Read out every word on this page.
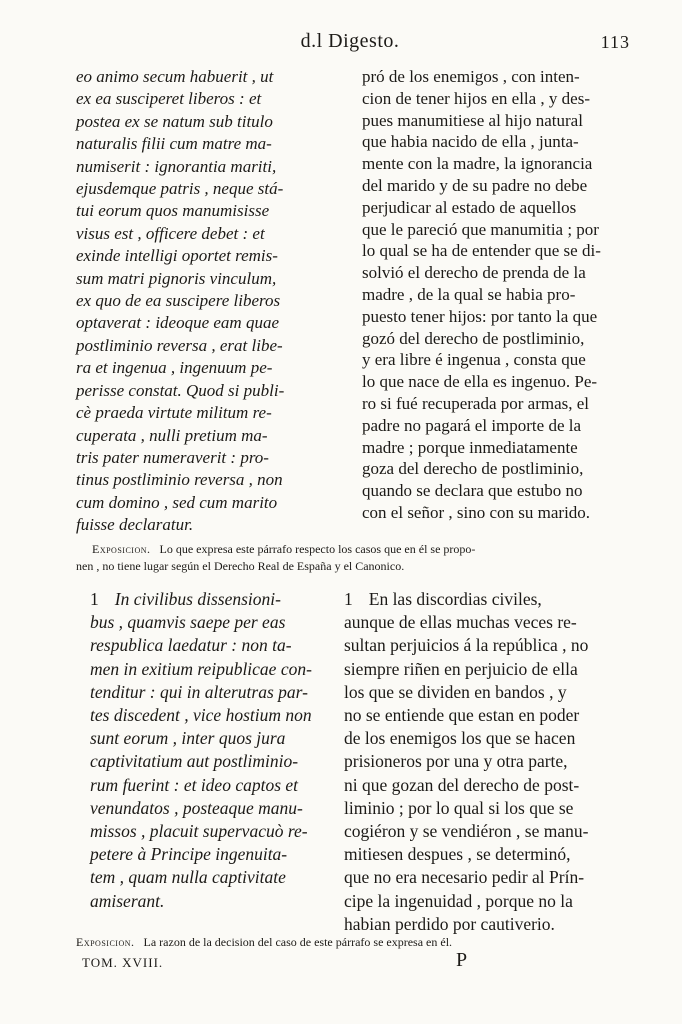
d.l Digesto.	113
eo animo secum habuerit , ut
ex ea susciperet liberos : et
postea ex se natum sub titulo
naturalis filii cum matre ma-
numiserit : ignorantia mariti,
ejusdemque patris , neque stá-
tui eorum quos manumisisse
visus est , officere debet : et
exinde intelligi oportet remis-
sum matri pignoris vinculum,
ex quo de ea suscipere liberos
optaverat : ideoque eam quae
postliminio reversa , erat libe-
ra et ingenua , ingenuum pe-
perisse constat. Quod si publi-
cè praeda virtute militum re-
cuperata , nulli pretium ma-
tris pater numeraverit : pro-
tinus postliminio reversa , non
cum domino , sed cum marito
fuisse declaratur.
pró de los enemigos , con inten-
cion de tener hijos en ella , y des-
pues manumitiese al hijo natural
que habia nacido de ella , junta-
mente con la madre, la ignorancia
del marido y de su padre no debe
perjudicar al estado de aquellos
que le pareció que manumitia ; por
lo qual se ha de entender que se di-
solvió el derecho de prenda de la
madre , de la qual se habia pro-
puesto tener hijos: por tanto la que
gozó del derecho de postliminio,
y era libre é ingenua , consta que
lo que nace de ella es ingenuo. Pe-
ro si fué recuperada por armas, el
padre no pagará el importe de la
madre ; porque inmediatamente
goza del derecho de postliminio,
quando se declara que estubo no
con el señor , sino con su marido.
Exposicion. Lo que expresa este párrafo respecto los casos que en él se propo-
nen , no tiene lugar según el Derecho Real de España y el Canonico.
1 In civilibus dissensioni-
bus , quamvis saepe per eas
respublica laedatur : non ta-
men in exitium reipublicae con-
tenditur : qui in alterutras par-
tes discedent , vice hostium non
sunt eorum , inter quos jura
captivitatium aut postliminio-
rum fuerint : et ideo captos et
venundatos , posteaque manu-
missos , placuit supervacuò re-
petere à Principe ingenuita-
tem , quam nulla captivitate
amiserant.
1 En las discordias civiles,
aunque de ellas muchas veces re-
sultan perjuicios á la república , no
siempre riñen en perjuicio de ella
los que se dividen en bandos , y
no se entiende que estan en poder
de los enemigos los que se hacen
prisioneros por una y otra parte,
ni que gozan del derecho de post-
liminio ; por lo qual si los que se
cogiéron y se vendiéron , se manu-
mitiesen despues , se determinó,
que no era necesario pedir al Prín-
cipe la ingenuidad , porque no la
habian perdido por cautiverio.
Exposicion. La razon de la decision del caso de este párrafo se expresa en él.
TOM. XVIII.	P
